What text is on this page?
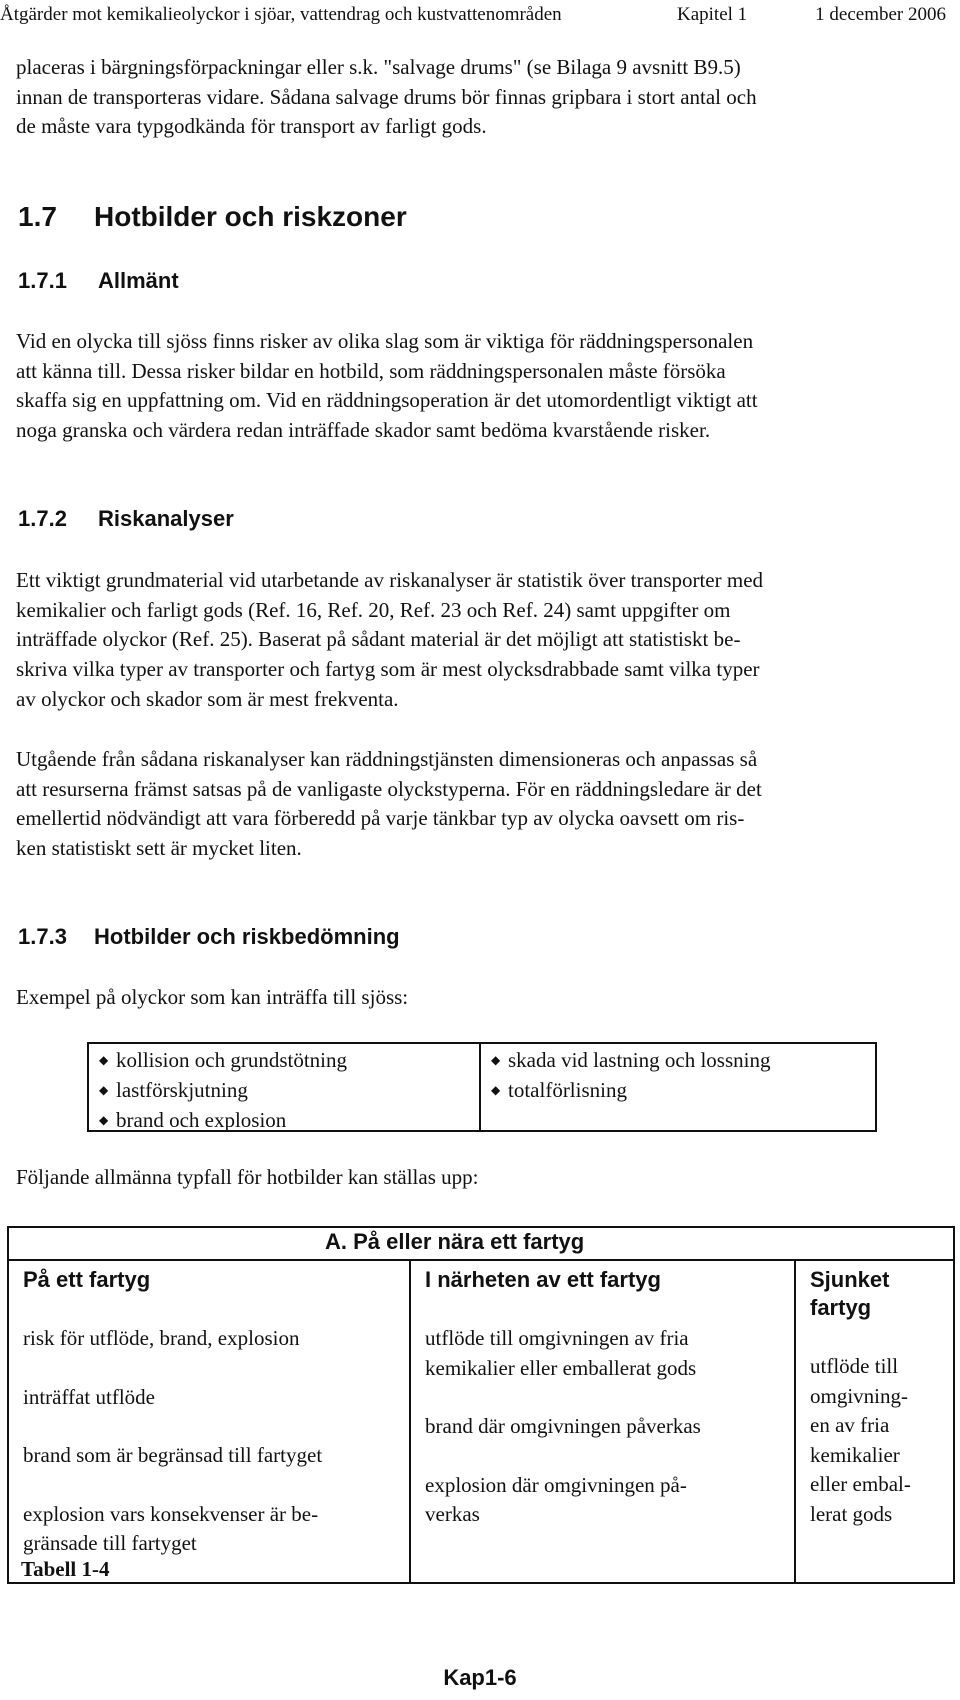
Åtgärder mot kemikalieolyckor i sjöar, vattendrag och kustvattenområden	Kapitel 1	1 december 2006
placeras i bärgningsförpackningar eller s.k. "salvage drums" (se Bilaga 9 avsnitt B9.5)
innan de transporteras vidare. Sådana salvage drums bör finnas gripbara i stort antal och
de måste vara typgodkända för transport av farligt gods.
1.7 Hotbilder och riskzoner
1.7.1 Allmänt
Vid en olycka till sjöss finns risker av olika slag som är viktiga för räddningspersonalen
att känna till. Dessa risker bildar en hotbild, som räddningspersonalen måste försöka
skaffa sig en uppfattning om. Vid en räddningsoperation är det utomordentligt viktigt att
noga granska och värdera redan inträffade skador samt bedöma kvarstående risker.
1.7.2 Riskanalyser
Ett viktigt grundmaterial vid utarbetande av riskanalyser är statistik över transporter med
kemikalier och farligt gods (Ref. 16, Ref. 20, Ref. 23 och Ref. 24) samt uppgifter om
inträffade olyckor (Ref. 25). Baserat på sådant material är det möjligt att statistiskt be-
skriva vilka typer av transporter och fartyg som är mest olycksdrabbade samt vilka typer
av olyckor och skador som är mest frekventa.
Utgående från sådana riskanalyser kan räddningstjänsten dimensioneras och anpassas så
att resurserna främst satsas på de vanligaste olyckstyperna. För en räddningsledare är det
emellertid nödvändigt att vara förberedd på varje tänkbar typ av olycka oavsett om ris-
ken statistiskt sett är mycket liten.
1.7.3 Hotbilder och riskbedömning
Exempel på olyckor som kan inträffa till sjöss:
◆ kollision och grundstötning
◆ lastförskjutning
◆ brand och explosion
◆ skada vid lastning och lossning
◆ totalförlisning
Följande allmänna typfall för hotbilder kan ställas upp:
A. På eller nära ett fartyg
På ett fartyg
risk för utflöde, brand, explosion
inträffat utflöde
brand som är begränsad till fartyget
explosion vars konsekvenser är be-
gränsade till fartyget
I närheten av ett fartyg
utflöde till omgivningen av fria
kemikalier eller emballerat gods
brand där omgivningen påverkas
explosion där omgivningen på-
verkas
Sjunket
fartyg
utflöde till
omgivning-
en av fria
kemikalier
eller embal-
lerat gods
Tabell 1-4
Kap1-6
